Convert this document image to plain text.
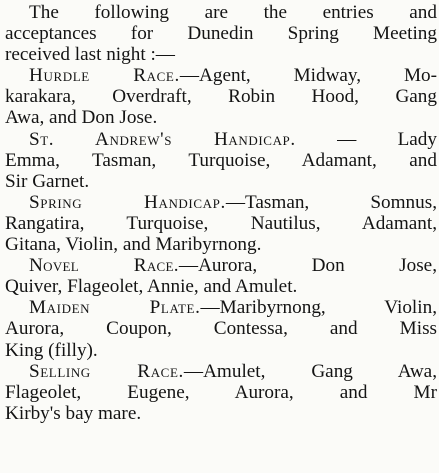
The following are the entries and
acceptances for Dunedin Spring Meeting
received last night :—
Hurdle Race.—Agent, Midway, Mo-
karakara, Overdraft, Robin Hood, Gang
Awa, and Don Jose.
St. Andrew's Handicap. — Lady
Emma, Tasman, Turquoise, Adamant, and
Sir Garnet.
Spring Handicap.—Tasman, Somnus,
Rangatira, Turquoise, Nautilus, Adamant,
Gitana, Violin, and Maribyrnong.
Novel Race.—Aurora, Don Jose,
Quiver, Flageolet, Annie, and Amulet.
Maiden Plate.—Maribyrnong, Violin,
Aurora, Coupon, Contessa, and Miss
King (filly).
Selling Race.—Amulet, Gang Awa,
Flageolet, Eugene, Aurora, and Mr
Kirby's bay mare.
